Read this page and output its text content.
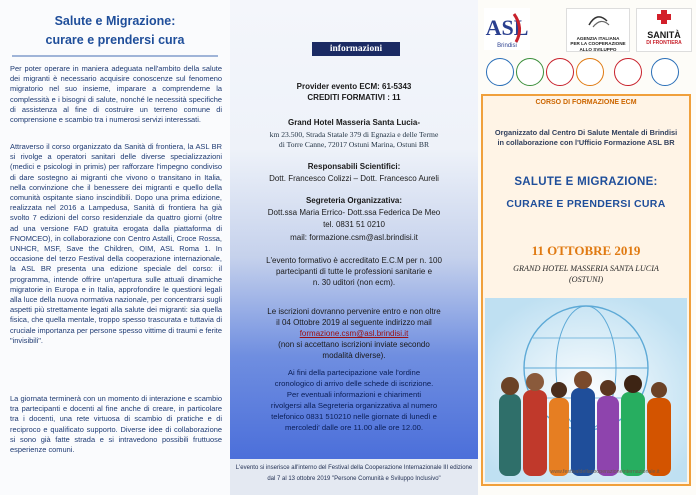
Salute e Migrazione:
curare e prendersi cura
Per poter operare in maniera adeguata nell'ambito della salute dei migranti è necessario acquisire conoscenze sul fenomeno migratorio nel suo insieme, imparare a comprenderne la complessità e i bisogni di salute, nonché le necessità specifiche di assistenza al fine di costruire un terreno comune di comprensione e scambio tra i numerosi servizi interessati.
Attraverso il corso organizzato da Sanità di frontiera, la ASL BR si rivolge a operatori sanitari delle diverse specializzazioni (medici e psicologi in primis) per rafforzare l'impegno condiviso di dare sostegno ai migranti che vivono o transitano in Italia, nella convinzione che il benessere dei migranti e quello della comunità ospitante siano inscindibili. Dopo una prima edizione, realizzata nel 2016 a Lampedusa, Sanità di frontiera ha già svolto 7 edizioni del corso residenziale da quattro giorni (oltre ad una versione FAD gratuita erogata dalla piattaforma di FNOMCEO), in collaborazione con Centro Astalli, Croce Rossa, UNHCR, MSF, Save the Children, OIM, ASL Roma 1. In occasione del terzo Festival della cooperazione internazionale, la ASL BR presenta una edizione speciale del corso: il programma, intende offrire un'apertura sulle attuali dinamiche migratorie in Europa e in Italia, approfondire le questioni legali alla luce della nuova normativa nazionale, per concentrarsi sugli aspetti più strettamente legati alla salute dei migranti: sia quella fisica, che quella mentale, troppo spesso trascurata e tuttavia di cruciale importanza per persone spesso vittime di traumi e ferite "invisibili".
La giornata terminerà con un momento di interazione e scambio tra partecipanti e docenti al fine anche di creare, in particolare tra i docenti, una rete virtuosa di scambio di pratiche e di reciproco e qualificato supporto. Diverse idee di collaborazione si sono già fatte strada e si intravedono possibili fruttuose esperienze comuni.
informazioni
Provider evento ECM: 61-5343
CREDITI FORMATIVI : 11
Grand Hotel Masseria Santa Lucia-
km 23.500, Strada Statale 379 di Egnazia e delle Terme
di Torre Canne, 72017 Ostuni Marina, Ostuni BR
Responsabili Scientifici:
Dott. Francesco Colizzi – Dott. Francesco Aureli
Segreteria Organizzativa:
Dott.ssa Maria Errico- Dott.ssa Federica De Meo
tel. 0831 51 0210
mail: formazione.csm@asl.brindisi.it
L'evento formativo è accreditato E.C.M per n. 100
partecipanti di tutte le professioni sanitarie e
n. 30 uditori (non ecm).
Le iscrizioni dovranno pervenire entro e non oltre
il 04 Ottobre 2019 al seguente indirizzo mail
formazione.csm@asl.brindisi.it
(non si accettano iscrizioni inviate secondo
modalità diverse).
Ai fini della partecipazione vale l'ordine
cronologico di arrivo delle schede di iscrizione.
Per eventuali informazioni e chiarimenti
rivolgersi alla Segreteria organizzativa al numero
telefonico 0831 510210 nelle giornate di lunedì e
mercoledi' dalle ore 11.00 alle ore 12.00.
L'evento si inserisce all'interno del Festival della Cooperazione Internazionale III edizione
dal 7 al 13 ottobre 2019 "Persone Comunità e Sviluppo Inclusivo"
ASL
Brindisi
AGENZIA ITALIANA
PER LA COOPERAZIONE
ALLO SVILUPPO
SANITÀ
DI FRONTIERA
CORSO DI FORMAZIONE ECM
Organizzato dal Centro Di Salute Mentale di Brindisi
in collaborazione con l'Ufficio Formazione ASL BR
SALUTE E MIGRAZIONE:
CURARE E PRENDERSI CURA
11 OTTOBRE 2019
GRAND HOTEL MASSERIA SANTA LUCIA
(OSTUNI)
www.festivaldellacooperazioneinternazionale.it
